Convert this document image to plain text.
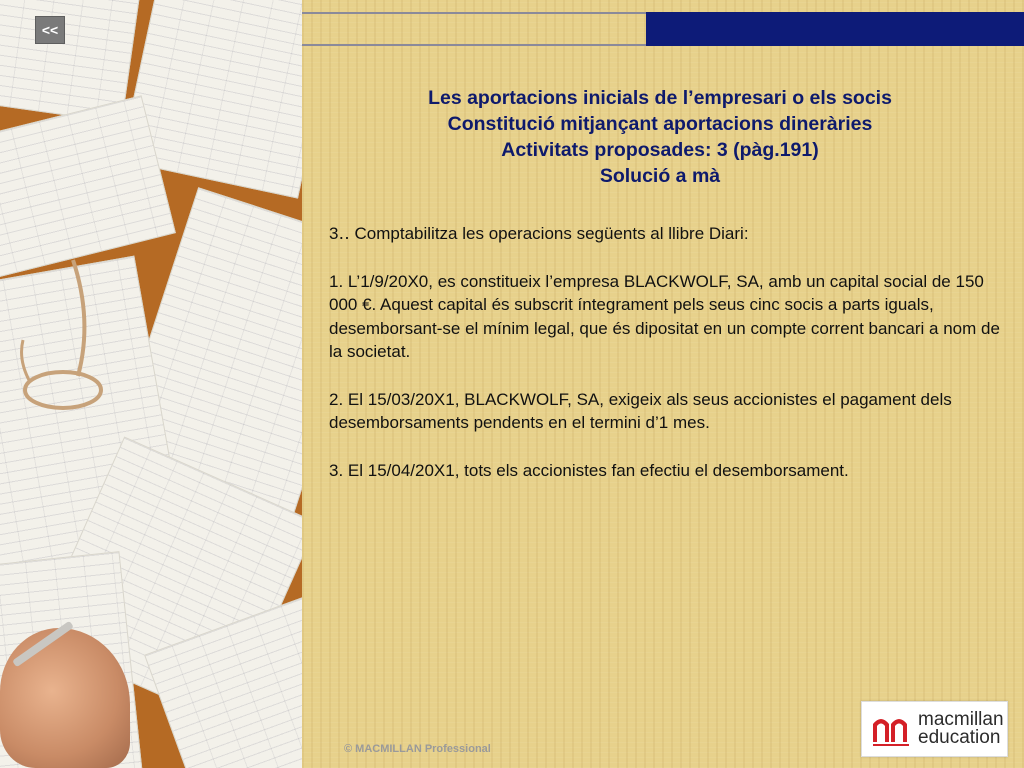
<<
Les aportacions inicials de l’empresari o els socis
Constitució mitjançant aportacions dineràries
Activitats proposades: 3 (pàg.191)
Solució a mà

3‥ Comptabilitza les operacions següents al llibre Diari:

1. L’1/9/20X0, es constitueix l’empresa BLACKWOLF, SA, amb un capital social de 150 000 €. Aquest capital és subscrit íntegrament pels seus cinc socis a parts iguals, desemborsant-se el mínim legal, que és dipositat en un compte corrent bancari a nom de la societat.

2. El 15/03/20X1, BLACKWOLF, SA, exigeix als seus accionistes el pagament dels desemborsaments pendents en el termini d’1 mes.

3. El 15/04/20X1, tots els accionistes fan efectiu el desemborsament.

© MACMILLAN Professional
macmillan
education
